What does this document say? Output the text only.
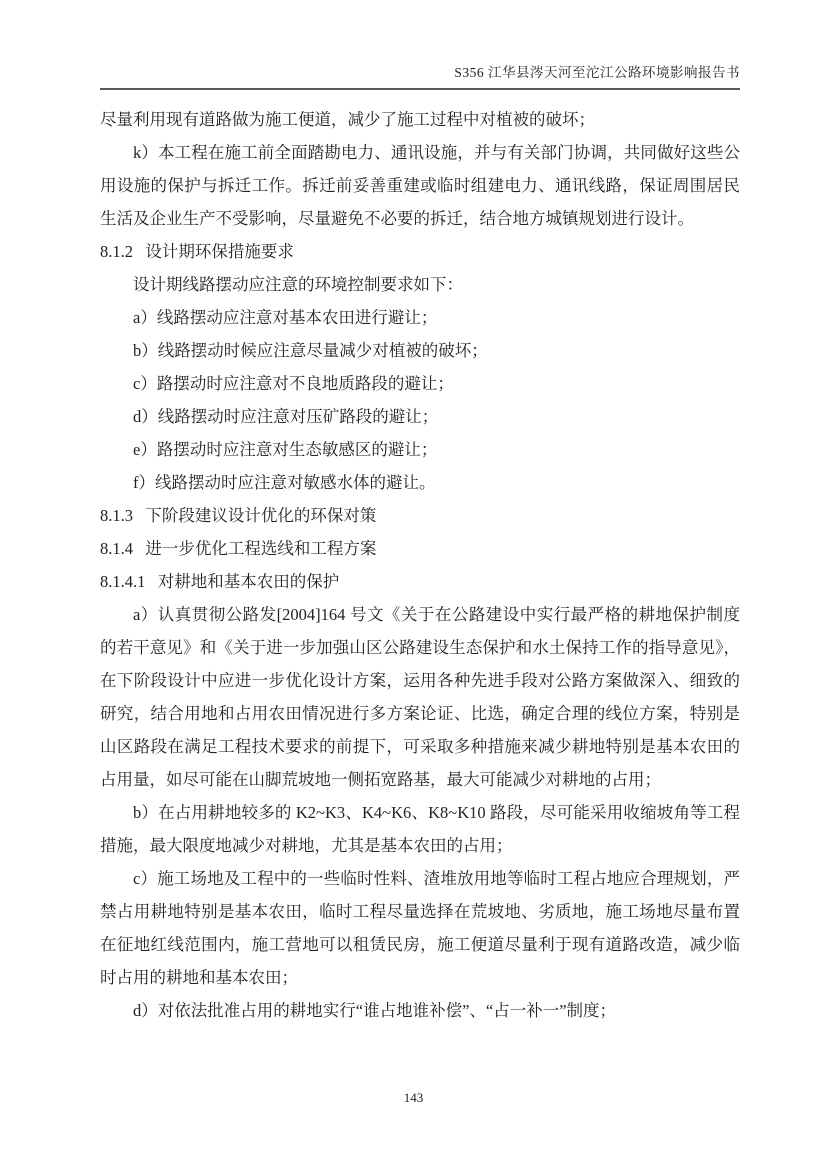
S356 江华县涔天河至沱江公路环境影响报告书

尽量利用现有道路做为施工便道，减少了施工过程中对植被的破坏；

k）本工程在施工前全面踏勘电力、通讯设施，并与有关部门协调，共同做好这些公用设施的保护与拆迁工作。拆迁前妥善重建或临时组建电力、通讯线路，保证周围居民生活及企业生产不受影响，尽量避免不必要的拆迁，结合地方城镇规划进行设计。

8.1.2 设计期环保措施要求

设计期线路摆动应注意的环境控制要求如下：

a）线路摆动应注意对基本农田进行避让；

b）线路摆动时候应注意尽量减少对植被的破坏；

c）路摆动时应注意对不良地质路段的避让；

d）线路摆动时应注意对压矿路段的避让；

e）路摆动时应注意对生态敏感区的避让；

f）线路摆动时应注意对敏感水体的避让。

8.1.3 下阶段建议设计优化的环保对策

8.1.4 进一步优化工程选线和工程方案

8.1.4.1 对耕地和基本农田的保护

a）认真贯彻公路发[2004]164 号文《关于在公路建设中实行最严格的耕地保护制度的若干意见》和《关于进一步加强山区公路建设生态保护和水土保持工作的指导意见》，在下阶段设计中应进一步优化设计方案，运用各种先进手段对公路方案做深入、细致的研究，结合用地和占用农田情况进行多方案论证、比选，确定合理的线位方案，特别是山区路段在满足工程技术要求的前提下，可采取多种措施来减少耕地特别是基本农田的占用量，如尽可能在山脚荒坡地一侧拓宽路基，最大可能减少对耕地的占用；

b）在占用耕地较多的 K2~K3、K4~K6、K8~K10 路段，尽可能采用收缩坡角等工程措施，最大限度地减少对耕地，尤其是基本农田的占用；

c）施工场地及工程中的一些临时性料、渣堆放用地等临时工程占地应合理规划，严禁占用耕地特别是基本农田，临时工程尽量选择在荒坡地、劣质地，施工场地尽量布置在征地红线范围内，施工营地可以租赁民房，施工便道尽量利于现有道路改造，减少临时占用的耕地和基本农田；

d）对依法批准占用的耕地实行“谁占地谁补偿”、“占一补一”制度；

143
